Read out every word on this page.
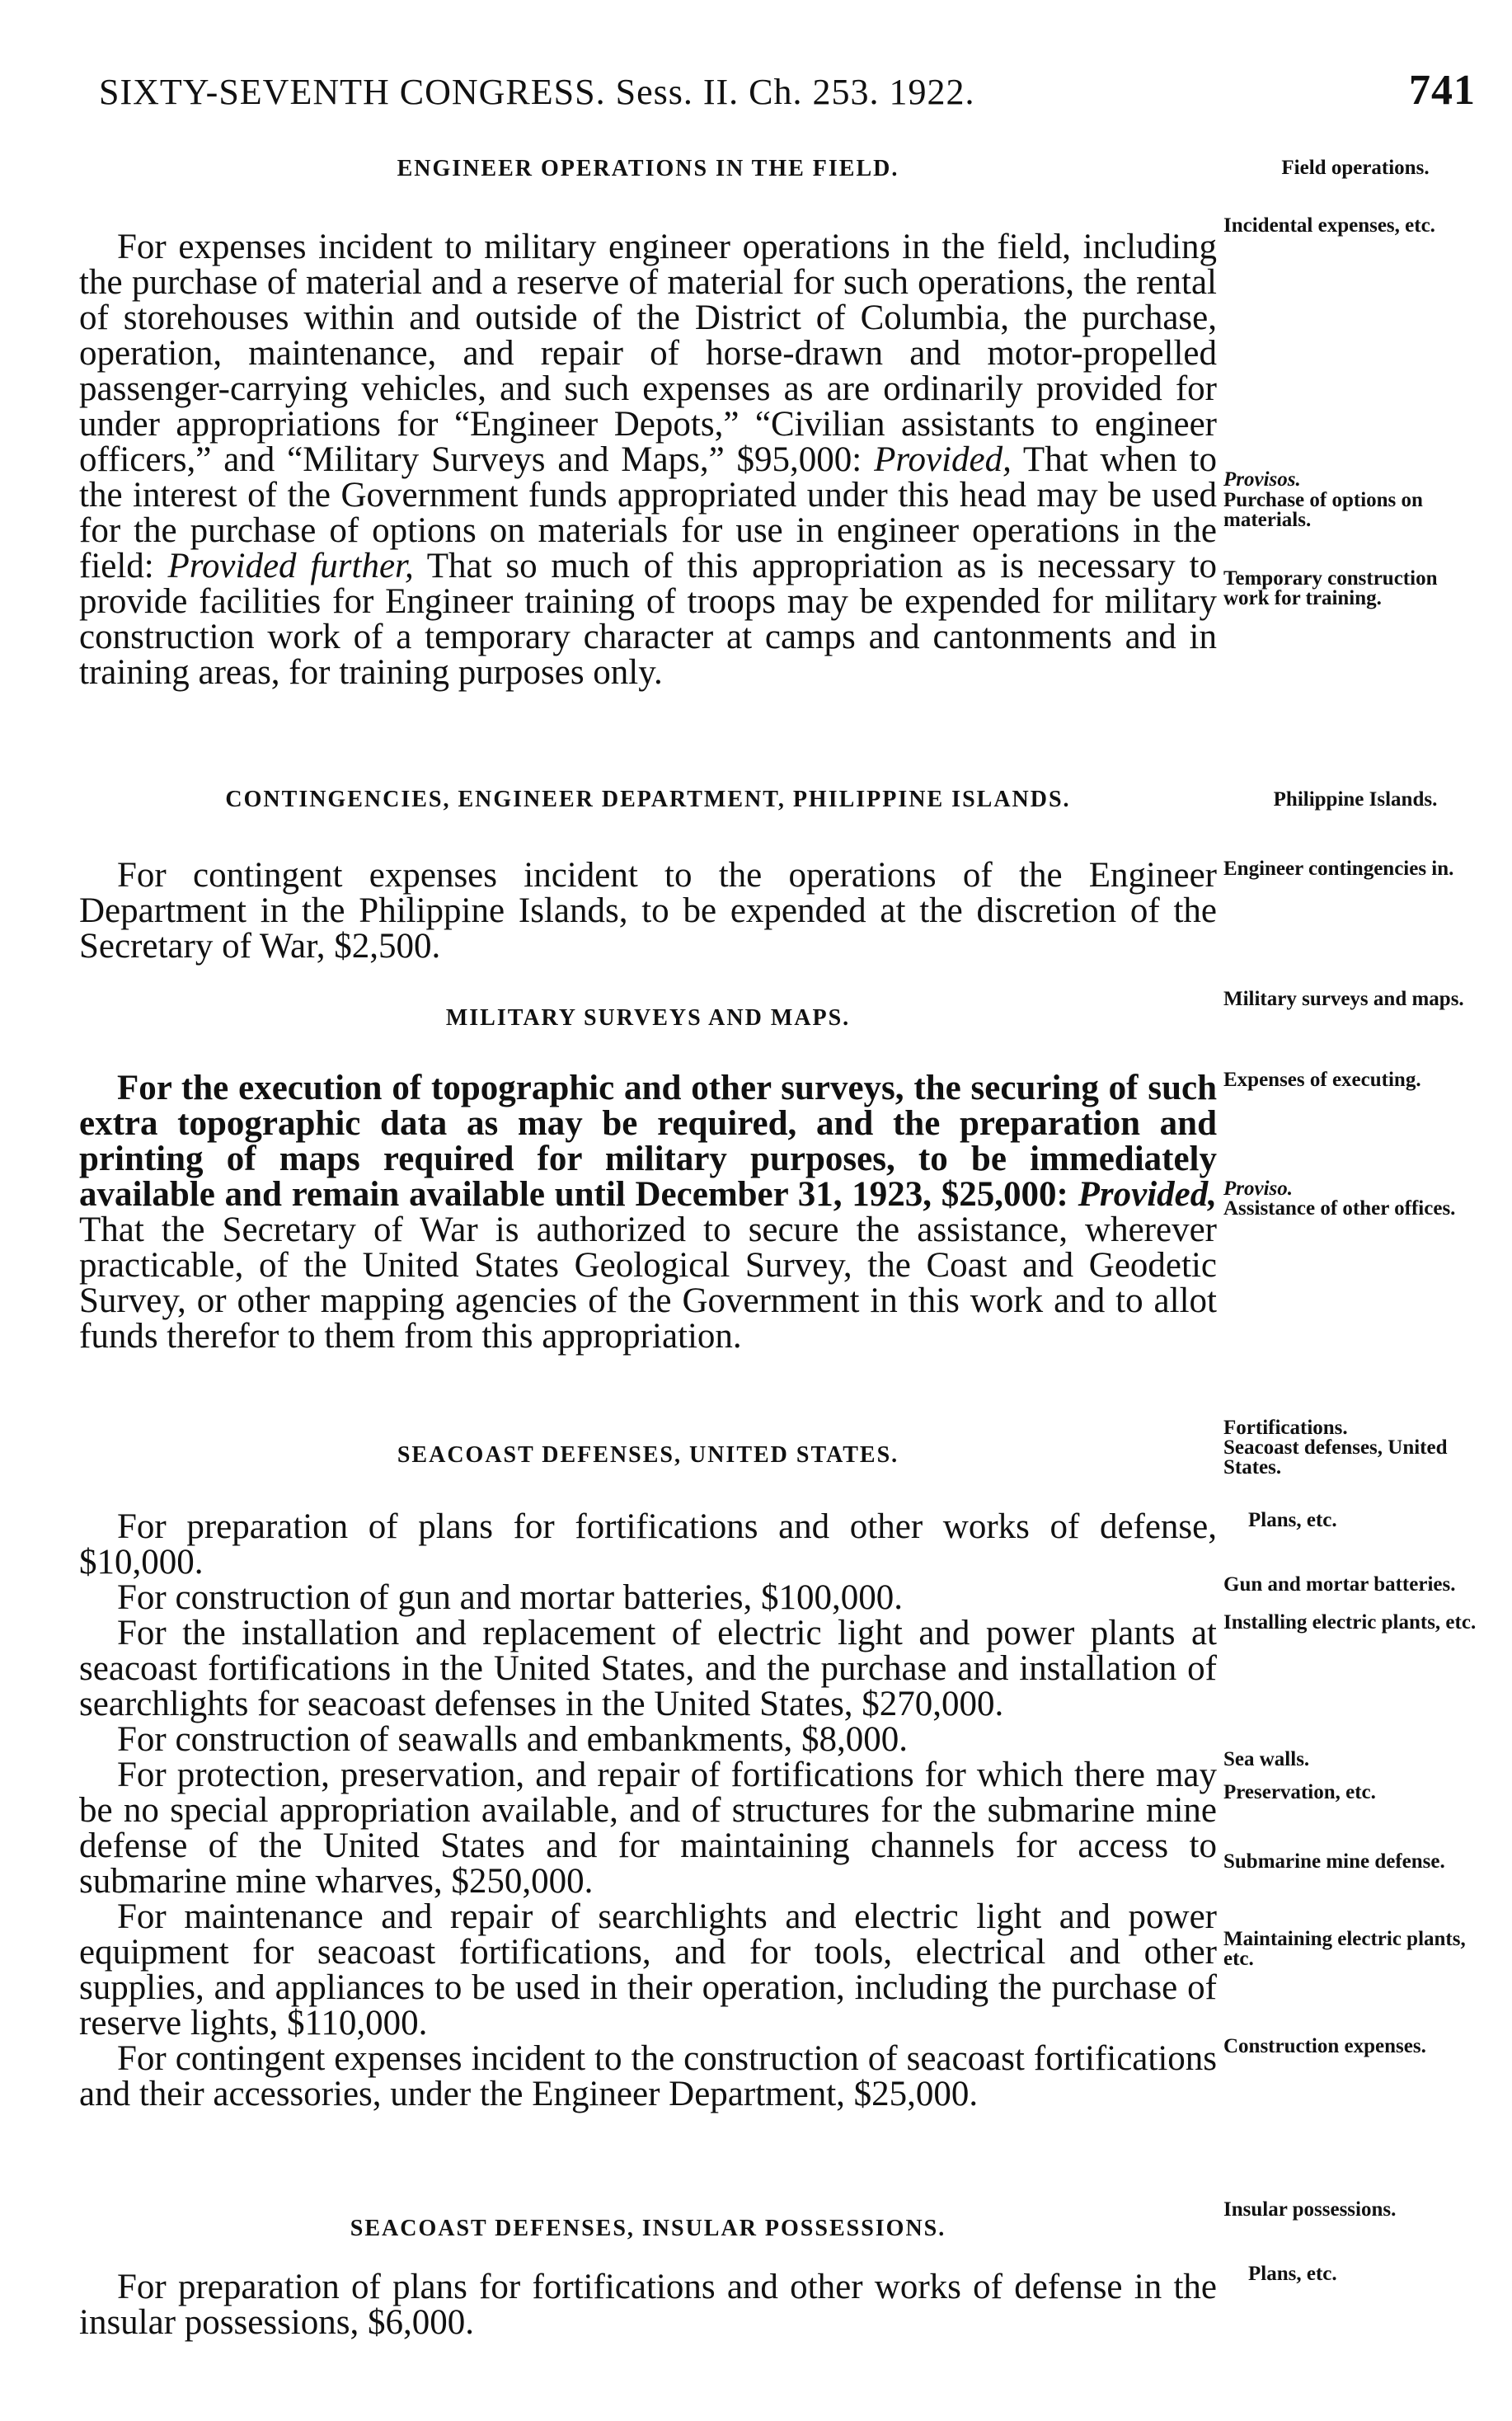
SIXTY-SEVENTH CONGRESS. Sess. II. Ch. 253. 1922.	741
ENGINEER OPERATIONS IN THE FIELD.

For expenses incident to military engineer operations in the field, including the purchase of material and a reserve of material for such operations, the rental of storehouses within and outside of the District of Columbia, the purchase, operation, maintenance, and repair of horse-drawn and motor-propelled passenger-carrying vehicles, and such expenses as are ordinarily provided for under appropriations for “Engineer Depots,” “Civilian assistants to engineer officers,” and “Military Surveys and Maps,” $95,000: Provided, That when to the interest of the Government funds appropriated under this head may be used for the purchase of options on materials for use in engineer operations in the field: Provided further, That so much of this appropriation as is necessary to provide facilities for Engineer training of troops may be expended for military construction work of a temporary character at camps and cantonments and in training areas, for training purposes only.

CONTINGENCIES, ENGINEER DEPARTMENT, PHILIPPINE ISLANDS.

For contingent expenses incident to the operations of the Engineer Department in the Philippine Islands, to be expended at the discretion of the Secretary of War, $2,500.

MILITARY SURVEYS AND MAPS.

For the execution of topographic and other surveys, the securing of such extra topographic data as may be required, and the preparation and printing of maps required for military purposes, to be immediately available and remain available until December 31, 1923, $25,000: Provided, That the Secretary of War is authorized to secure the assistance, wherever practicable, of the United States Geological Survey, the Coast and Geodetic Survey, or other mapping agencies of the Government in this work and to allot funds therefor to them from this appropriation.

SEACOAST DEFENSES, UNITED STATES.

For preparation of plans for fortifications and other works of defense, $10,000.

For construction of gun and mortar batteries, $100,000.

For the installation and replacement of electric light and power plants at seacoast fortifications in the United States, and the purchase and installation of searchlights for seacoast defenses in the United States, $270,000.

For construction of seawalls and embankments, $8,000.

For protection, preservation, and repair of fortifications for which there may be no special appropriation available, and of structures for the submarine mine defense of the United States and for maintaining channels for access to submarine mine wharves, $250,000.

For maintenance and repair of searchlights and electric light and power equipment for seacoast fortifications, and for tools, electrical and other supplies, and appliances to be used in their operation, including the purchase of reserve lights, $110,000.

For contingent expenses incident to the construction of seacoast fortifications and their accessories, under the Engineer Department, $25,000.

SEACOAST DEFENSES, INSULAR POSSESSIONS.

For preparation of plans for fortifications and other works of defense in the insular possessions, $6,000.

Field operations.
Incidental expenses, etc.
Provisos.
Purchase of options on materials.
Temporary construction work for training.
Philippine Islands.
Engineer contingencies in.
Military surveys and maps.
Expenses of executing.
Proviso.
Assistance of other offices.
Fortifications.
Seacoast defenses, United States.
Plans, etc.
Gun and mortar batteries.
Installing electric plants, etc.
Sea walls.
Preservation, etc.
Submarine mine defense.
Maintaining electric plants, etc.
Construction expenses.
Insular possessions.
Plans, etc.
